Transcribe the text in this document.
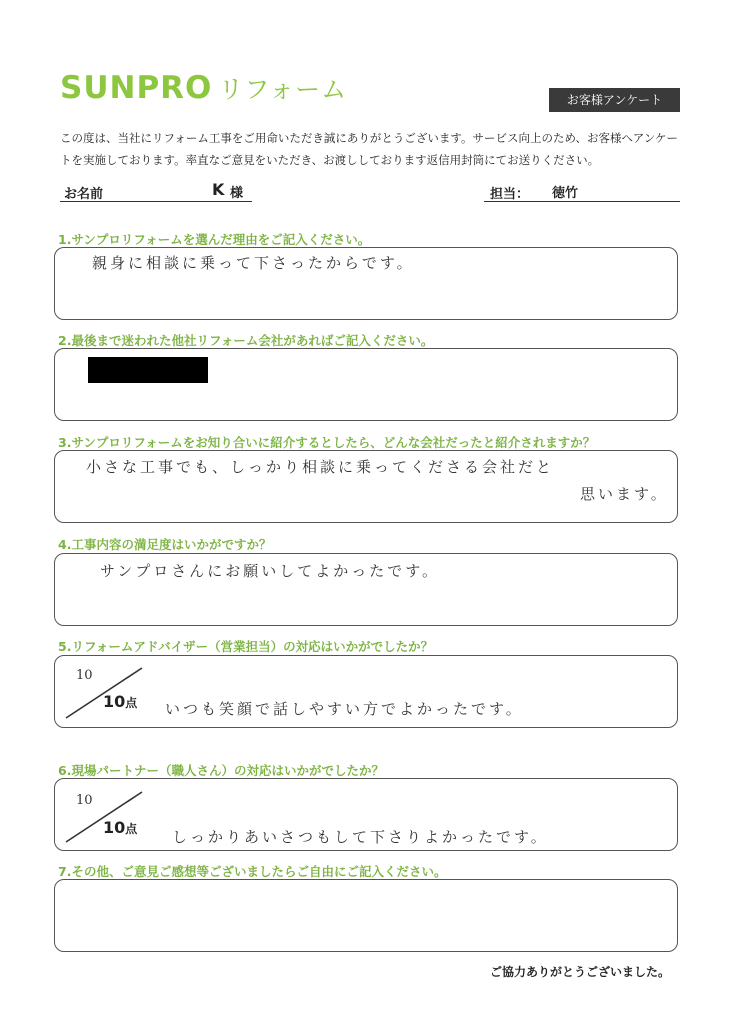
SUNPRO リフォーム	お客様アンケート
この度は、当社にリフォーム工事をご用命いただき誠にありがとうございます。サービス向上のため、お客様へアンケートを実施しております。率直なご意見をいただき、お渡ししております返信用封筒にてお送りください。
お名前	K 様	担当： 徳竹
1.サンプロリフォームを選んだ理由をご記入ください。
親身に相談に乗って下さったからです。
2.最後まで迷われた他社リフォーム会社があればご記入ください。
3.サンプロリフォームをお知り合いに紹介するとしたら、どんな会社だったと紹介されますか？
小さな工事でも、しっかり相談に乗ってくださる会社だと
思います。
4.工事内容の満足度はいかがですか？
サンプロさんにお願いしてよかったです。
5.リフォームアドバイザー（営業担当）の対応はいかがでしたか？
10
10点 いつも笑顔で話しやすい方でよかったです。
6.現場パートナー（職人さん）の対応はいかがでしたか？
10
10点 しっかりあいさつもして下さりよかったです。
7.その他、ご意見ご感想等ございましたらご自由にご記入ください。
ご協力ありがとうございました。
